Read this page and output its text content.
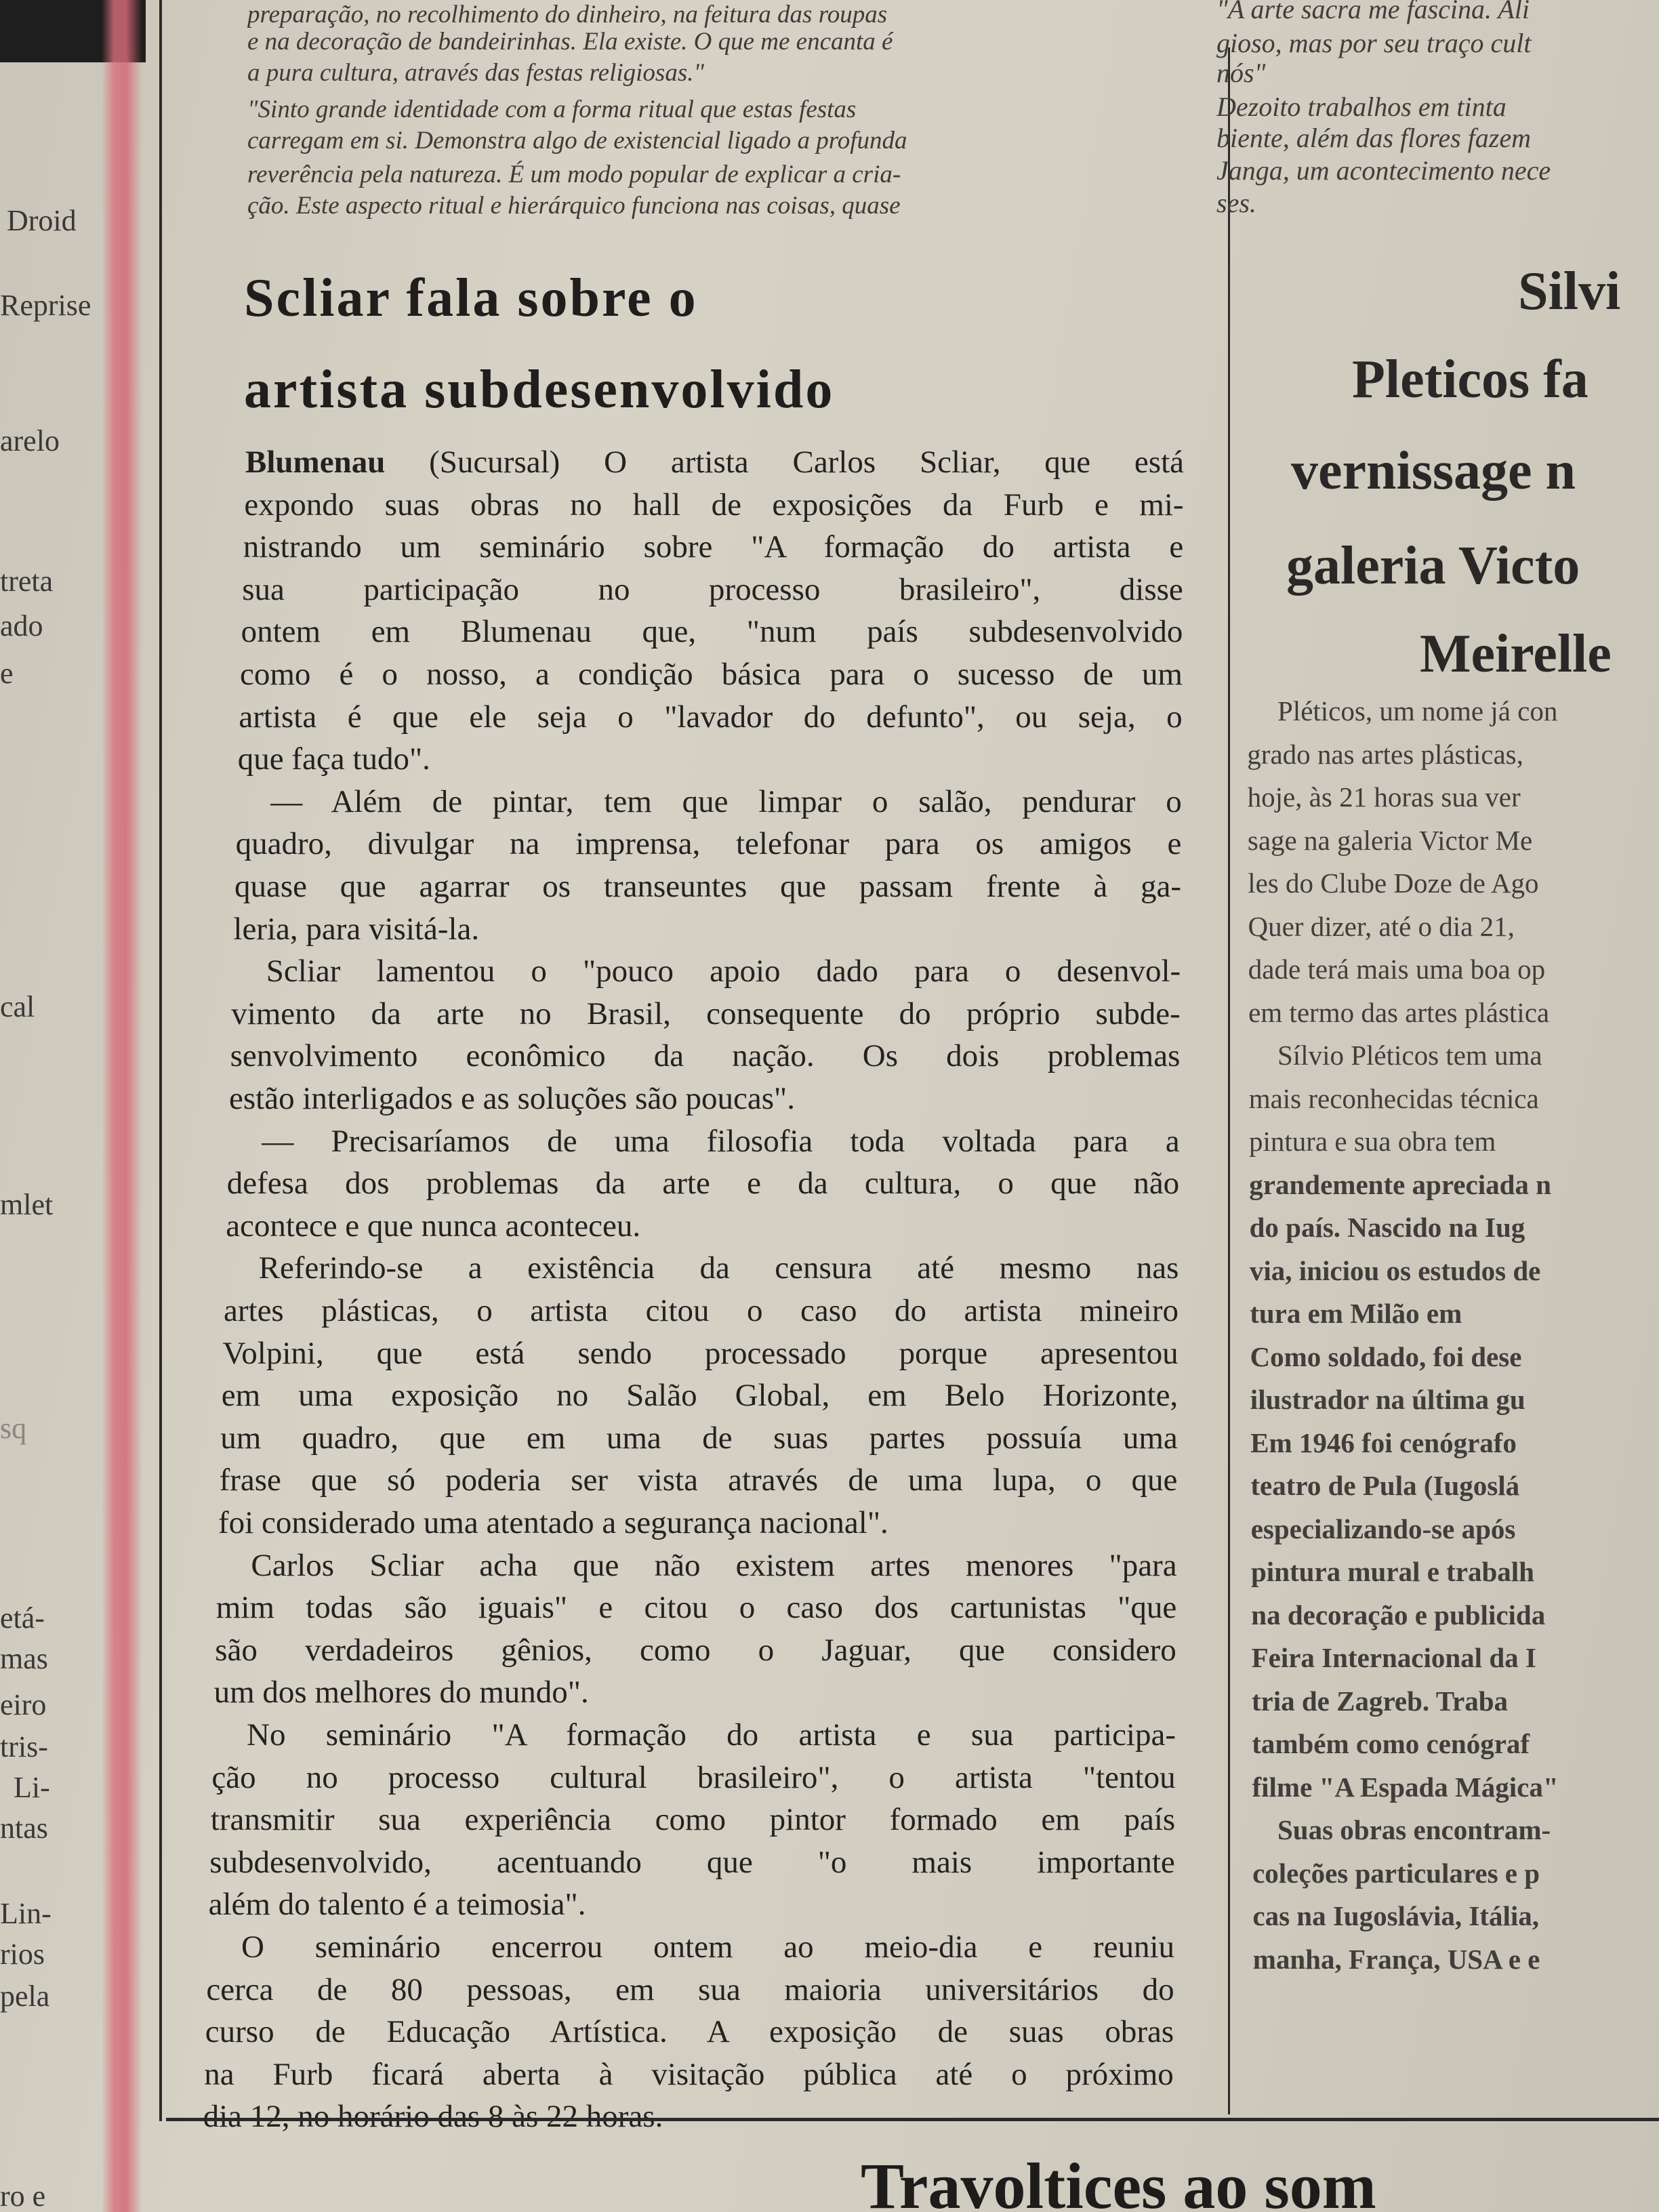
Droid
Reprise
arelo
treta
ado
e
cal
mlet
sq
etá-
mas
eiro
tris-
Li-
ntas
Lin-
rios
pela
preparação, no recolhimento do dinheiro, na feitura das roupas
e na decoração de bandeirinhas. Ela existe. O que me encanta é
a pura cultura, através das festas religiosas."
"Sinto grande identidade com a forma ritual que estas festas
carregam em si. Demonstra algo de existencial ligado a profunda
reverência pela natureza. É um modo popular de explicar a cria-
ção. Este aspecto ritual e hierárquico funciona nas coisas, quase
Scliar fala sobre o
artista subdesenvolvido
Blumenau (Sucursal) O artista Carlos Scliar, que está
expondo suas obras no hall de exposições da Furb e mi-
nistrando um seminário sobre "A formação do artista e
sua participação no processo brasileiro", disse
ontem em Blumenau que, "num país subdesenvolvido
como é o nosso, a condição básica para o sucesso de um
artista é que ele seja o "lavador do defunto", ou seja, o
que faça tudo".
— Além de pintar, tem que limpar o salão, pendurar o
quadro, divulgar na imprensa, telefonar para os amigos e
quase que agarrar os transeuntes que passam frente à ga-
leria, para visitá-la.
Scliar lamentou o "pouco apoio dado para o desenvol-
vimento da arte no Brasil, consequente do próprio subde-
senvolvimento econômico da nação. Os dois problemas
estão interligados e as soluções são poucas".
— Precisaríamos de uma filosofia toda voltada para a
defesa dos problemas da arte e da cultura, o que não
acontece e que nunca aconteceu.
Referindo-se a existência da censura até mesmo nas
artes plásticas, o artista citou o caso do artista mineiro
Volpini, que está sendo processado porque apresentou
em uma exposição no Salão Global, em Belo Horizonte,
um quadro, que em uma de suas partes possuía uma
frase que só poderia ser vista através de uma lupa, o que
foi considerado uma atentado a segurança nacional".
Carlos Scliar acha que não existem artes menores "para
mim todas são iguais" e citou o caso dos cartunistas "que
são verdadeiros gênios, como o Jaguar, que considero
um dos melhores do mundo".
No seminário "A formação do artista e sua participa-
ção no processo cultural brasileiro", o artista "tentou
transmitir sua experiência como pintor formado em país
subdesenvolvido, acentuando que "o mais importante
além do talento é a teimosia".
O seminário encerrou ontem ao meio-dia e reuniu
cerca de 80 pessoas, em sua maioria universitários do
curso de Educação Artística. A exposição de suas obras
na Furb ficará aberta à visitação pública até o próximo
dia 12, no horário das 8 às 22 horas.
"A arte sacra me fascina. Ali
gioso, mas por seu traço cult
nós"
Dezoito trabalhos em tinta
biente, além das flores fazem
Janga, um acontecimento nece
ses.
Silvi
Pleticos fa
vernissage n
galeria Victo
Meirelle
Pléticos, um nome já con
grado nas artes plásticas,
hoje, às 21 horas sua ver
sage na galeria Victor Me
les do Clube Doze de Ago
Quer dizer, até o dia 21,
dade terá mais uma boa op
em termo das artes plástica
Sílvio Pléticos tem uma
mais reconhecidas técnica
pintura e sua obra tem
grandemente apreciada n
do país. Nascido na Iug
via, iniciou os estudos de
tura em Milão em
Como soldado, foi dese
ilustrador na última gu
Em 1946 foi cenógrafo
teatro de Pula (Iugoslá
especializando-se após
pintura mural e trabalh
na decoração e publicida
Feira Internacional da I
tria de Zagreb. Traba
também como cenógraf
filme "A Espada Mágica"
Suas obras encontram-
coleções particulares e p
cas na Iugoslávia, Itália,
manha, França, USA e e
Travoltices ao som
ro e
